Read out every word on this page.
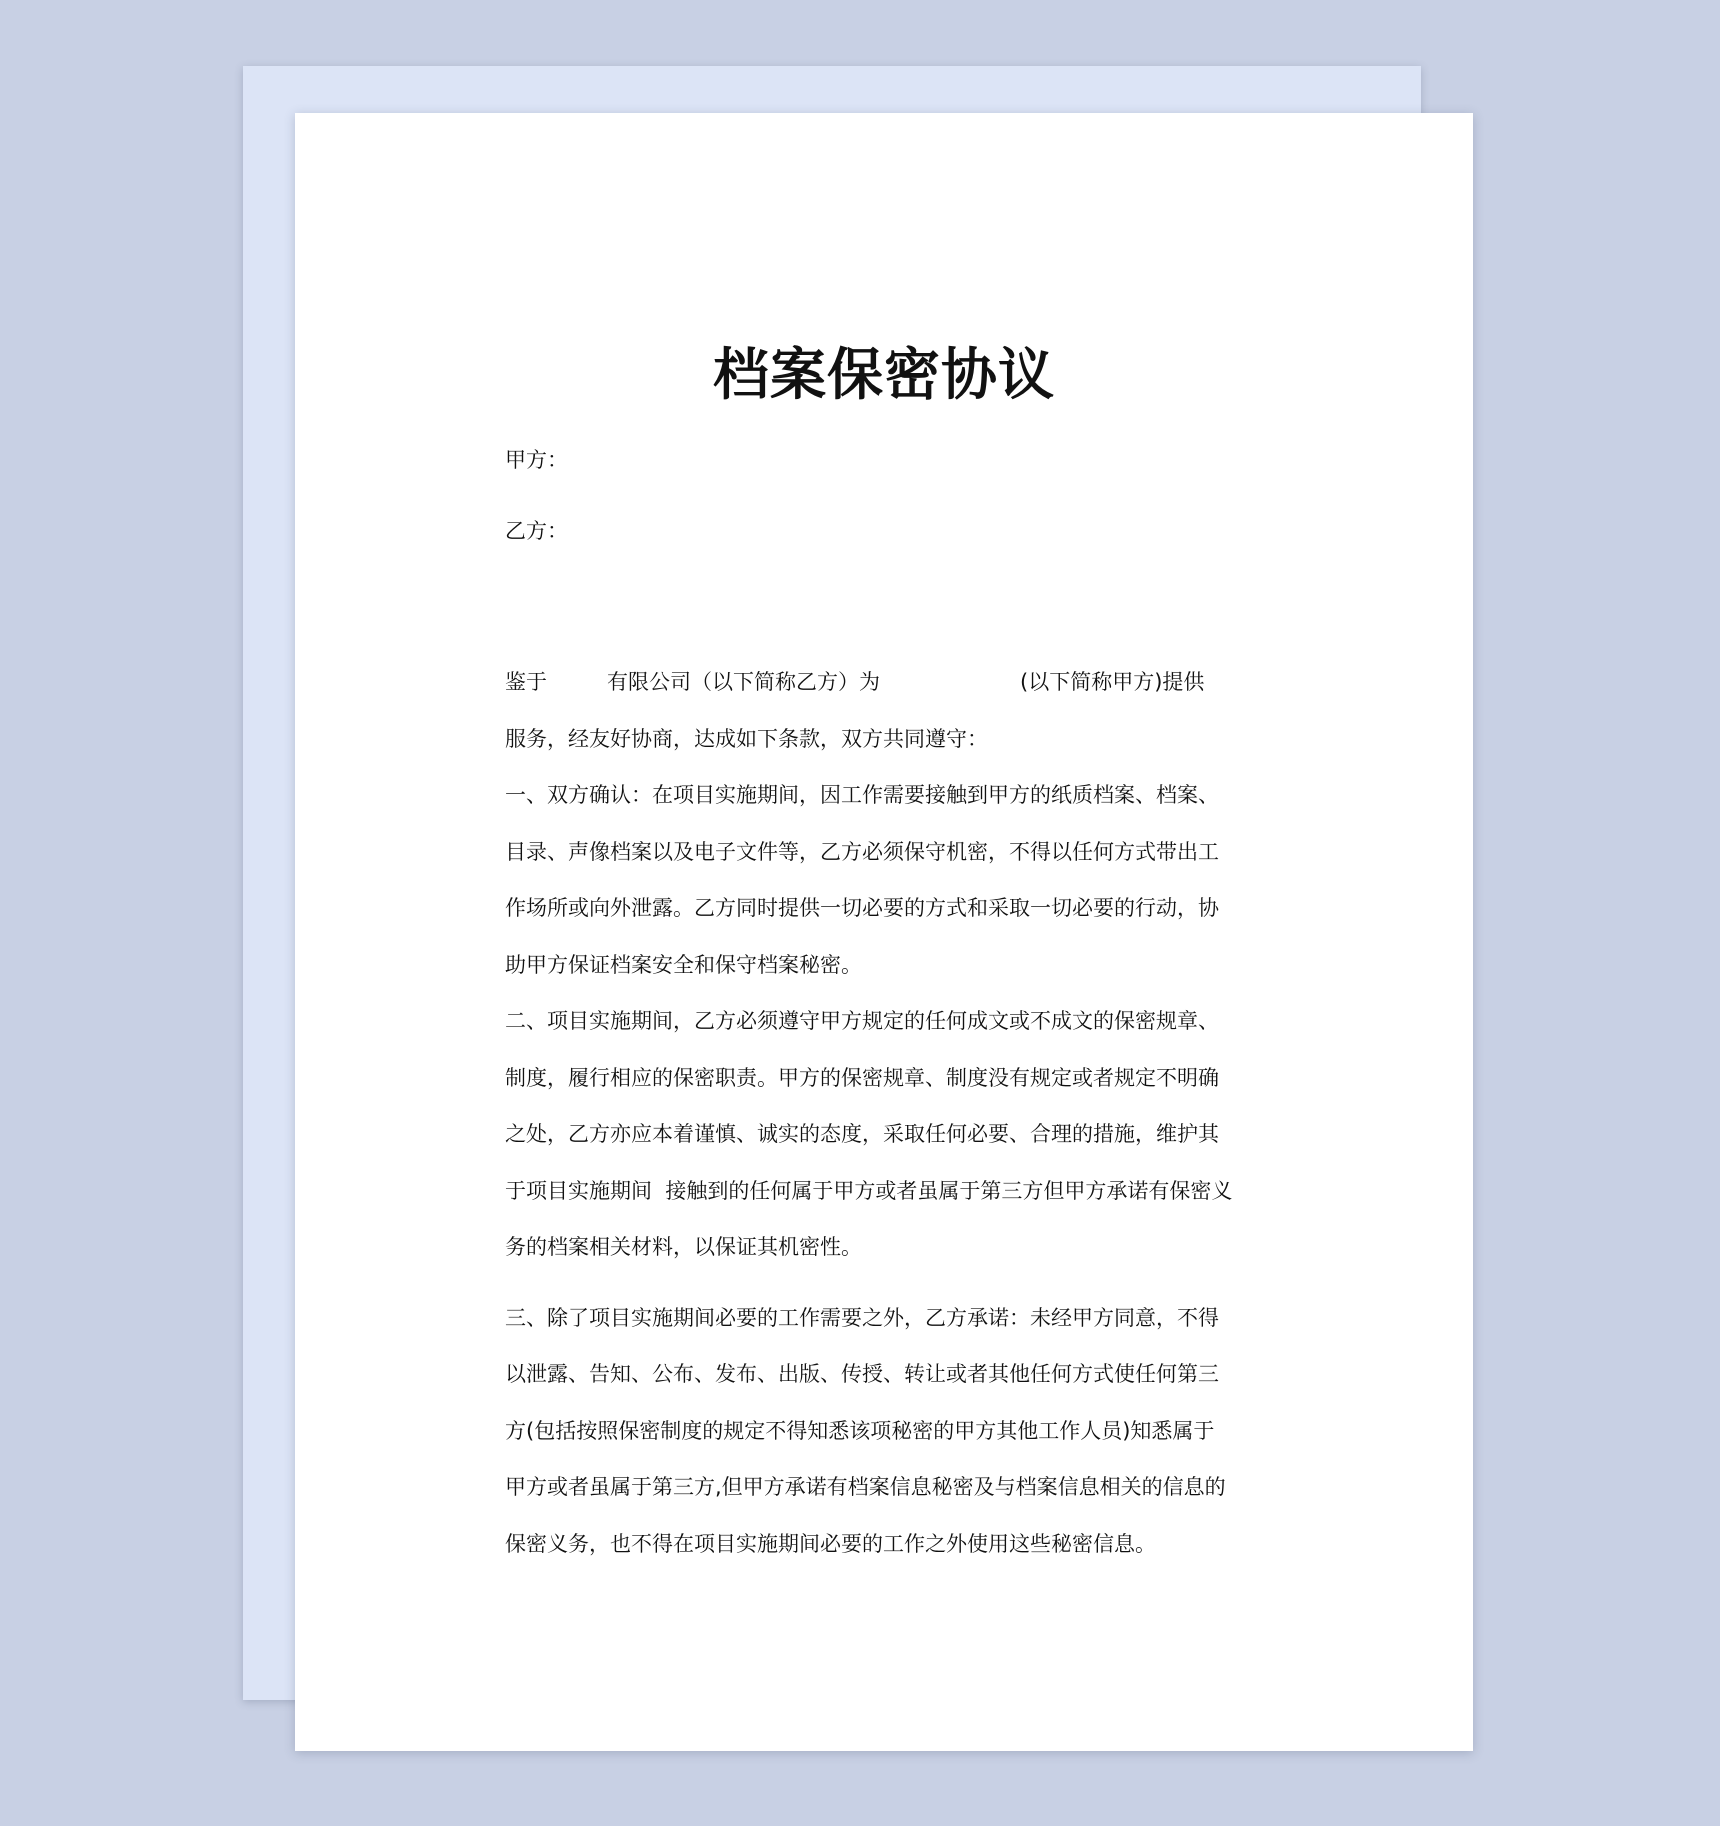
档案保密协议
甲方：
乙方：

鉴于	有限公司（以下简称乙方）为	(以下简称甲方)提供

服务，经友好协商，达成如下条款，双方共同遵守：

一、双方确认：在项目实施期间，因工作需要接触到甲方的纸质档案、档案、

目录、声像档案以及电子文件等，乙方必须保守机密，不得以任何方式带出工

作场所或向外泄露。乙方同时提供一切必要的方式和采取一切必要的行动，协

助甲方保证档案安全和保守档案秘密。

二、项目实施期间，乙方必须遵守甲方规定的任何成文或不成文的保密规章、

制度，履行相应的保密职责。甲方的保密规章、制度没有规定或者规定不明确

之处，乙方亦应本着谨慎、诚实的态度，采取任何必要、合理的措施，维护其

于项目实施期间  接触到的任何属于甲方或者虽属于第三方但甲方承诺有保密义

务的档案相关材料，以保证其机密性。

三、除了项目实施期间必要的工作需要之外，乙方承诺：未经甲方同意，不得

以泄露、告知、公布、发布、出版、传授、转让或者其他任何方式使任何第三

方(包括按照保密制度的规定不得知悉该项秘密的甲方其他工作人员)知悉属于

甲方或者虽属于第三方,但甲方承诺有档案信息秘密及与档案信息相关的信息的

保密义务，也不得在项目实施期间必要的工作之外使用这些秘密信息。
